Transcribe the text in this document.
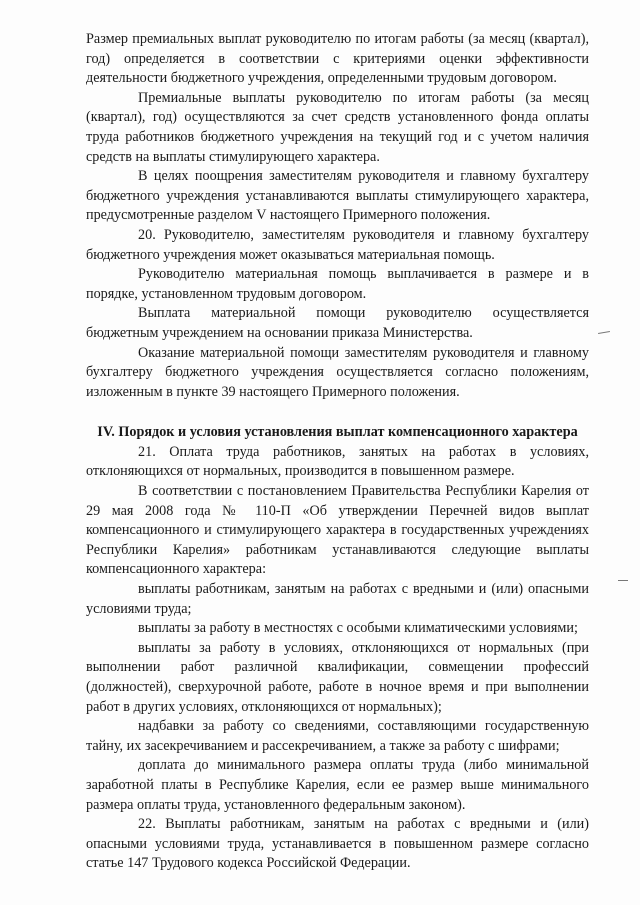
Размер премиальных выплат руководителю по итогам работы (за месяц (квартал), год) определяется в соответствии с критериями оценки эффективности деятельности бюджетного учреждения, определенными трудовым договором.

Премиальные выплаты руководителю по итогам работы (за месяц (квартал), год) осуществляются за счет средств установленного фонда оплаты труда работников бюджетного учреждения на текущий год и с учетом наличия средств на выплаты стимулирующего характера.

В целях поощрения заместителям руководителя и главному бухгалтеру бюджетного учреждения устанавливаются выплаты стимулирующего характера, предусмотренные разделом V настоящего Примерного положения.

20. Руководителю, заместителям руководителя и главному бухгалтеру бюджетного учреждения может оказываться материальная помощь.

Руководителю материальная помощь выплачивается в размере и в порядке, установленном трудовым договором.

Выплата материальной помощи руководителю осуществляется бюджетным учреждением на основании приказа Министерства.

Оказание материальной помощи заместителям руководителя и главному бухгалтеру бюджетного учреждения осуществляется согласно положениям, изложенным в пункте 39 настоящего Примерного положения.

IV. Порядок и условия установления выплат компенсационного характера

21. Оплата труда работников, занятых на работах в условиях, отклоняющихся от нормальных, производится в повышенном размере.

В соответствии с постановлением Правительства Республики Карелия от 29 мая 2008 года № 110-П «Об утверждении Перечней видов выплат компенсационного и стимулирующего характера в государственных учреждениях Республики Карелия» работникам устанавливаются следующие выплаты компенсационного характера:

выплаты работникам, занятым на работах с вредными и (или) опасными условиями труда;

выплаты за работу в местностях с особыми климатическими условиями;

выплаты за работу в условиях, отклоняющихся от нормальных (при выполнении работ различной квалификации, совмещении профессий (должностей), сверхурочной работе, работе в ночное время и при выполнении работ в других условиях, отклоняющихся от нормальных);

надбавки за работу со сведениями, составляющими государственную тайну, их засекречиванием и рассекречиванием, а также за работу с шифрами;

доплата до минимального размера оплаты труда (либо минимальной заработной платы в Республике Карелия, если ее размер выше минимального размера оплаты труда, установленного федеральным законом).

22. Выплаты работникам, занятым на работах с вредными и (или) опасными условиями труда, устанавливается в повышенном размере согласно статье 147 Трудового кодекса Российской Федерации.
